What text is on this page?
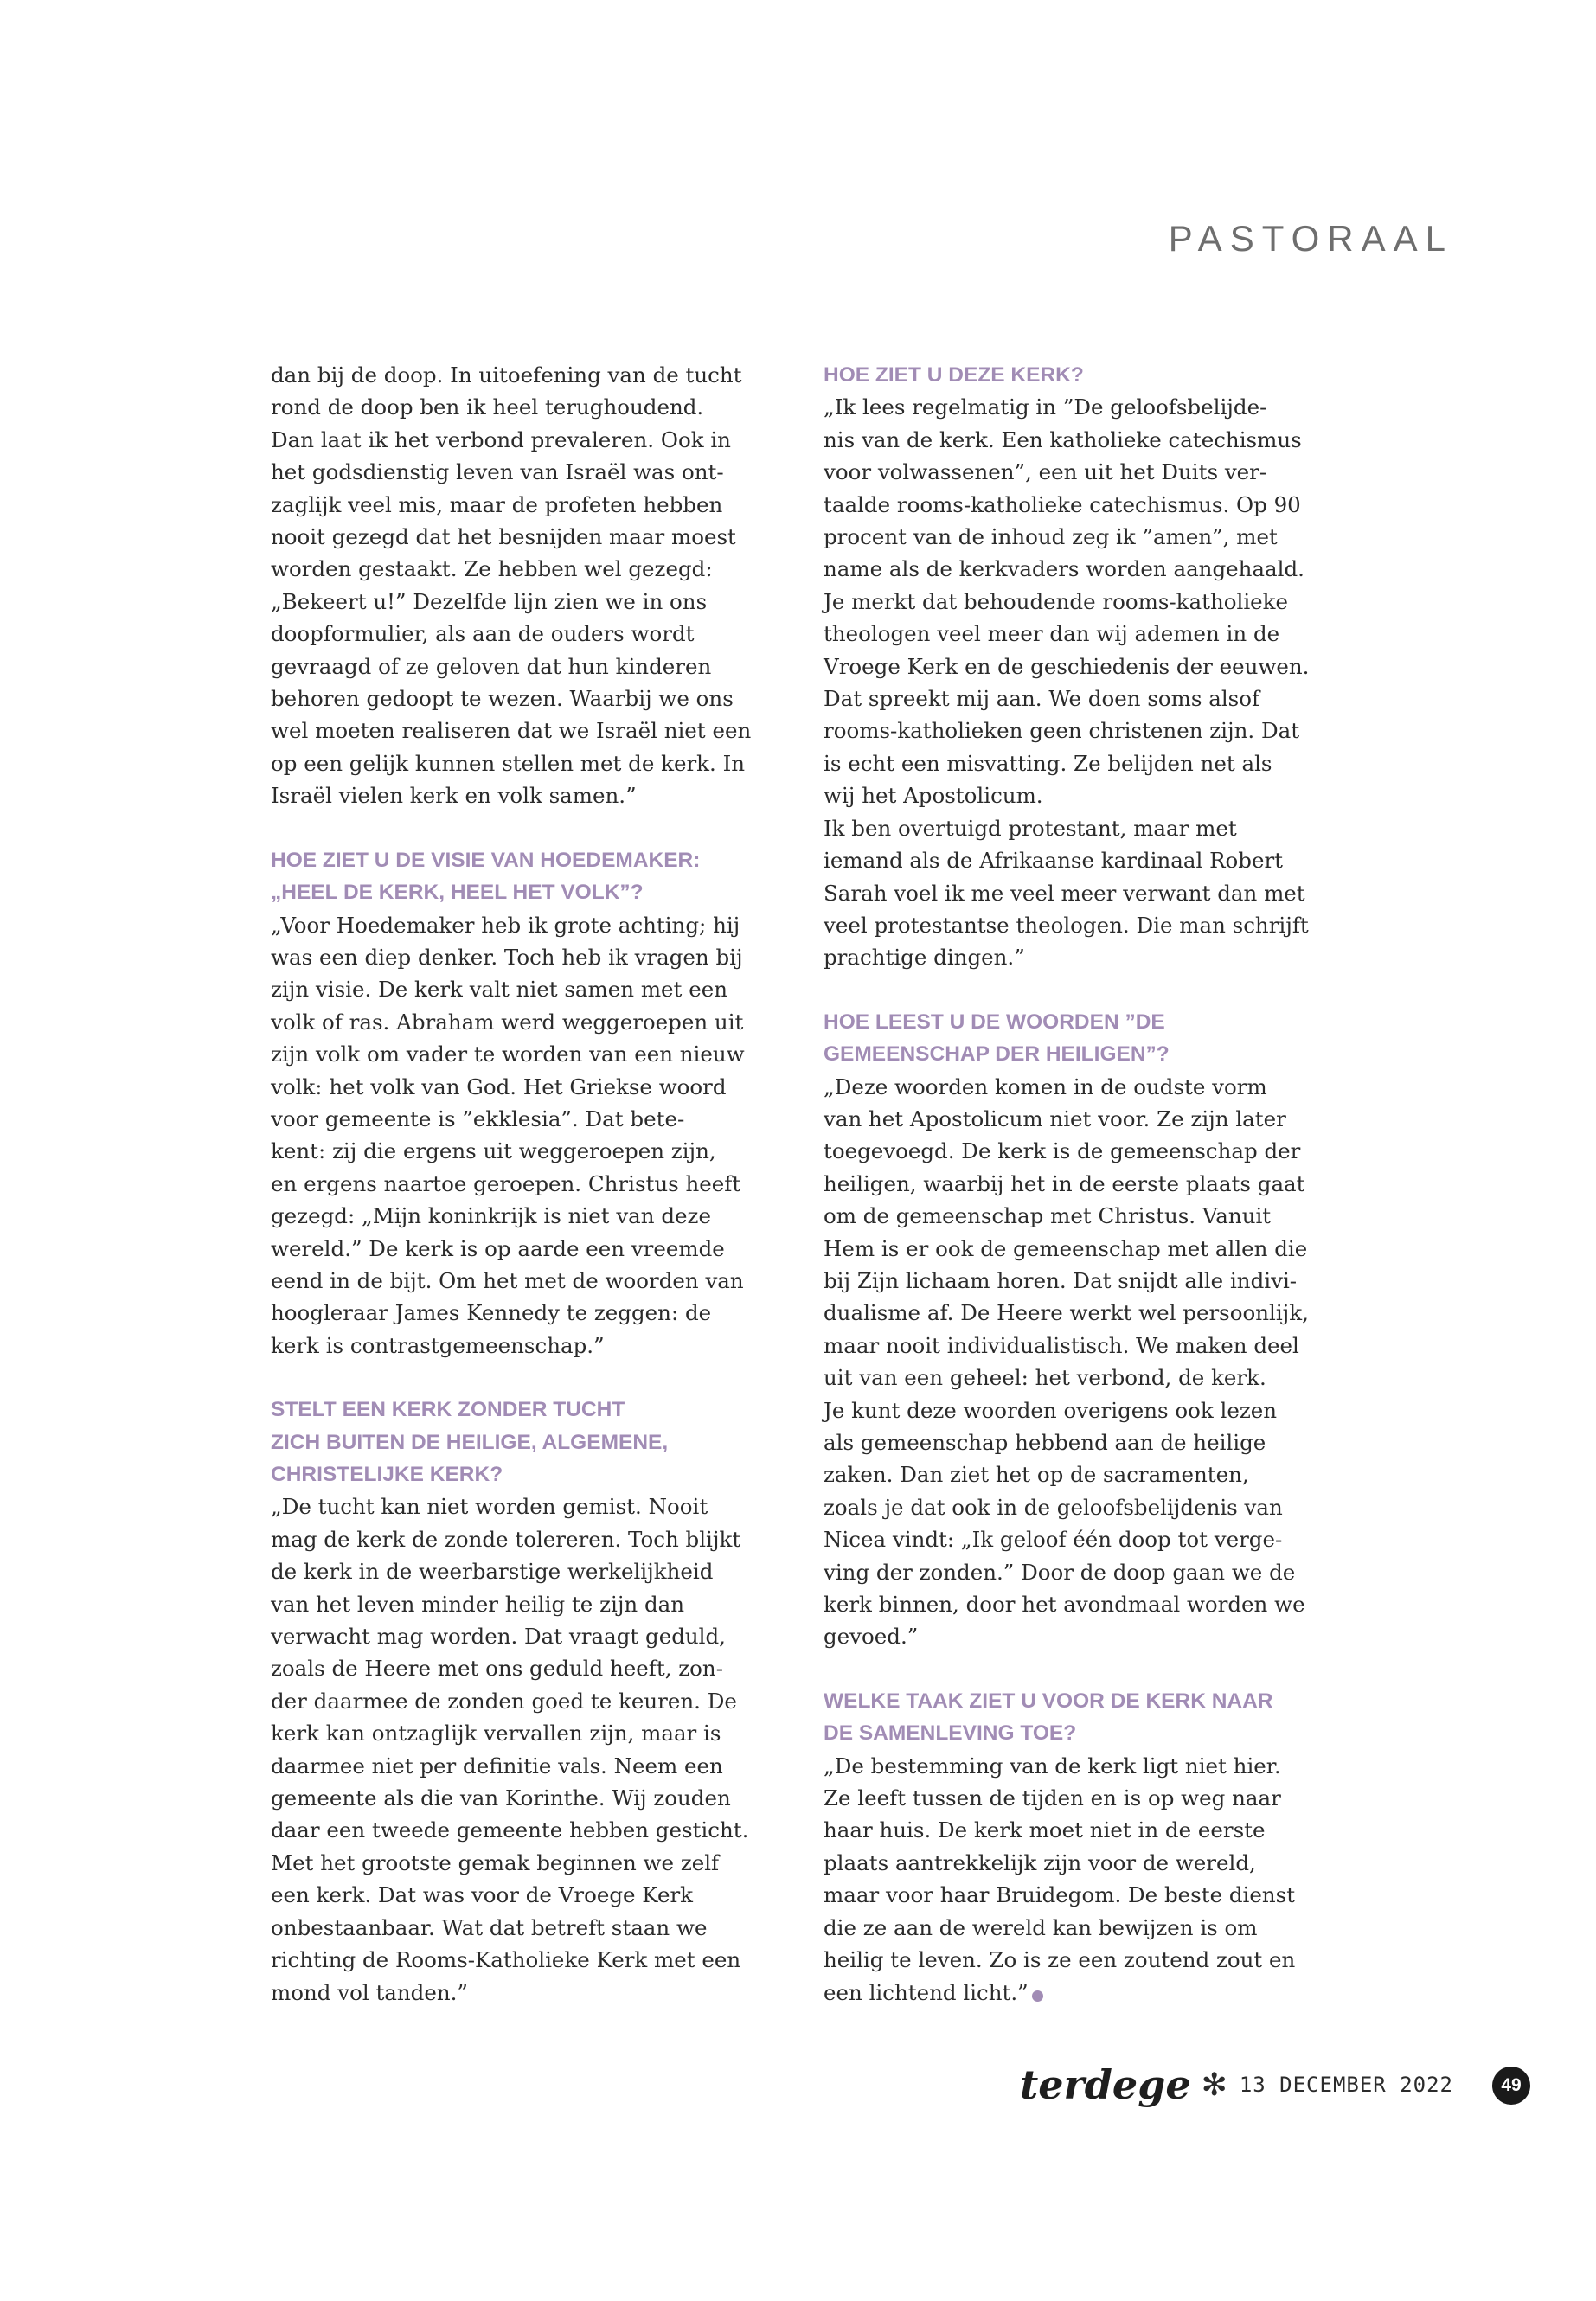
PASTORAAL

dan bij de doop. In uitoefening van de tucht
rond de doop ben ik heel terughoudend.
Dan laat ik het verbond prevaleren. Ook in
het godsdienstig leven van Israël was ont-
zaglijk veel mis, maar de profeten hebben
nooit gezegd dat het besnijden maar moest
worden gestaakt. Ze hebben wel gezegd:
„Bekeert u!” Dezelfde lijn zien we in ons
doopformulier, als aan de ouders wordt
gevraagd of ze geloven dat hun kinderen
behoren gedoopt te wezen. Waarbij we ons
wel moeten realiseren dat we Israël niet een
op een gelijk kunnen stellen met de kerk. In
Israël vielen kerk en volk samen.”

HOE ZIET U DE VISIE VAN HOEDEMAKER:
„HEEL DE KERK, HEEL HET VOLK”?

„Voor Hoedemaker heb ik grote achting; hij
was een diep denker. Toch heb ik vragen bij
zijn visie. De kerk valt niet samen met een
volk of ras. Abraham werd weggeroepen uit
zijn volk om vader te worden van een nieuw
volk: het volk van God. Het Griekse woord
voor gemeente is ”ekklesia”. Dat bete-
kent: zij die ergens uit weggeroepen zijn,
en ergens naartoe geroepen. Christus heeft
gezegd: „Mijn koninkrijk is niet van deze
wereld.” De kerk is op aarde een vreemde
eend in de bijt. Om het met de woorden van
hoogleraar James Kennedy te zeggen: de
kerk is contrastgemeenschap.”

STELT EEN KERK ZONDER TUCHT
ZICH BUITEN DE HEILIGE, ALGEMENE,
CHRISTELIJKE KERK?

„De tucht kan niet worden gemist. Nooit
mag de kerk de zonde tolereren. Toch blijkt
de kerk in de weerbarstige werkelijkheid
van het leven minder heilig te zijn dan
verwacht mag worden. Dat vraagt geduld,
zoals de Heere met ons geduld heeft, zon-
der daarmee de zonden goed te keuren. De
kerk kan ontzaglijk vervallen zijn, maar is
daarmee niet per definitie vals. Neem een
gemeente als die van Korinthe. Wij zouden
daar een tweede gemeente hebben gesticht.
Met het grootste gemak beginnen we zelf
een kerk. Dat was voor de Vroege Kerk
onbestaanbaar. Wat dat betreft staan we
richting de Rooms-Katholieke Kerk met een
mond vol tanden.”

HOE ZIET U DEZE KERK?

„Ik lees regelmatig in ”De geloofsbelijde-
nis van de kerk. Een katholieke catechismus
voor volwassenen”, een uit het Duits ver-
taalde rooms-katholieke catechismus. Op 90
procent van de inhoud zeg ik ”amen”, met
name als de kerkvaders worden aangehaald.
Je merkt dat behoudende rooms-katholieke
theologen veel meer dan wij ademen in de
Vroege Kerk en de geschiedenis der eeuwen.
Dat spreekt mij aan. We doen soms alsof
rooms-katholieken geen christenen zijn. Dat
is echt een misvatting. Ze belijden net als
wij het Apostolicum.
Ik ben overtuigd protestant, maar met
iemand als de Afrikaanse kardinaal Robert
Sarah voel ik me veel meer verwant dan met
veel protestantse theologen. Die man schrijft
prachtige dingen.”

HOE LEEST U DE WOORDEN ”DE
GEMEENSCHAP DER HEILIGEN”?

„Deze woorden komen in de oudste vorm
van het Apostolicum niet voor. Ze zijn later
toegevoegd. De kerk is de gemeenschap der
heiligen, waarbij het in de eerste plaats gaat
om de gemeenschap met Christus. Vanuit
Hem is er ook de gemeenschap met allen die
bij Zijn lichaam horen. Dat snijdt alle indivi-
dualisme af. De Heere werkt wel persoonlijk,
maar nooit individualistisch. We maken deel
uit van een geheel: het verbond, de kerk.
Je kunt deze woorden overigens ook lezen
als gemeenschap hebbend aan de heilige
zaken. Dan ziet het op de sacramenten,
zoals je dat ook in de geloofsbelijdenis van
Nicea vindt: „Ik geloof één doop tot verge-
ving der zonden.” Door de doop gaan we de
kerk binnen, door het avondmaal worden we
gevoed.”

WELKE TAAK ZIET U VOOR DE KERK NAAR
DE SAMENLEVING TOE?

„De bestemming van de kerk ligt niet hier.
Ze leeft tussen de tijden en is op weg naar
haar huis. De kerk moet niet in de eerste
plaats aantrekkelijk zijn voor de wereld,
maar voor haar Bruidegom. De beste dienst
die ze aan de wereld kan bewijzen is om
heilig te leven. Zo is ze een zoutend zout en
een lichtend licht.”

terdege ✻ 13 DECEMBER 2022	49
